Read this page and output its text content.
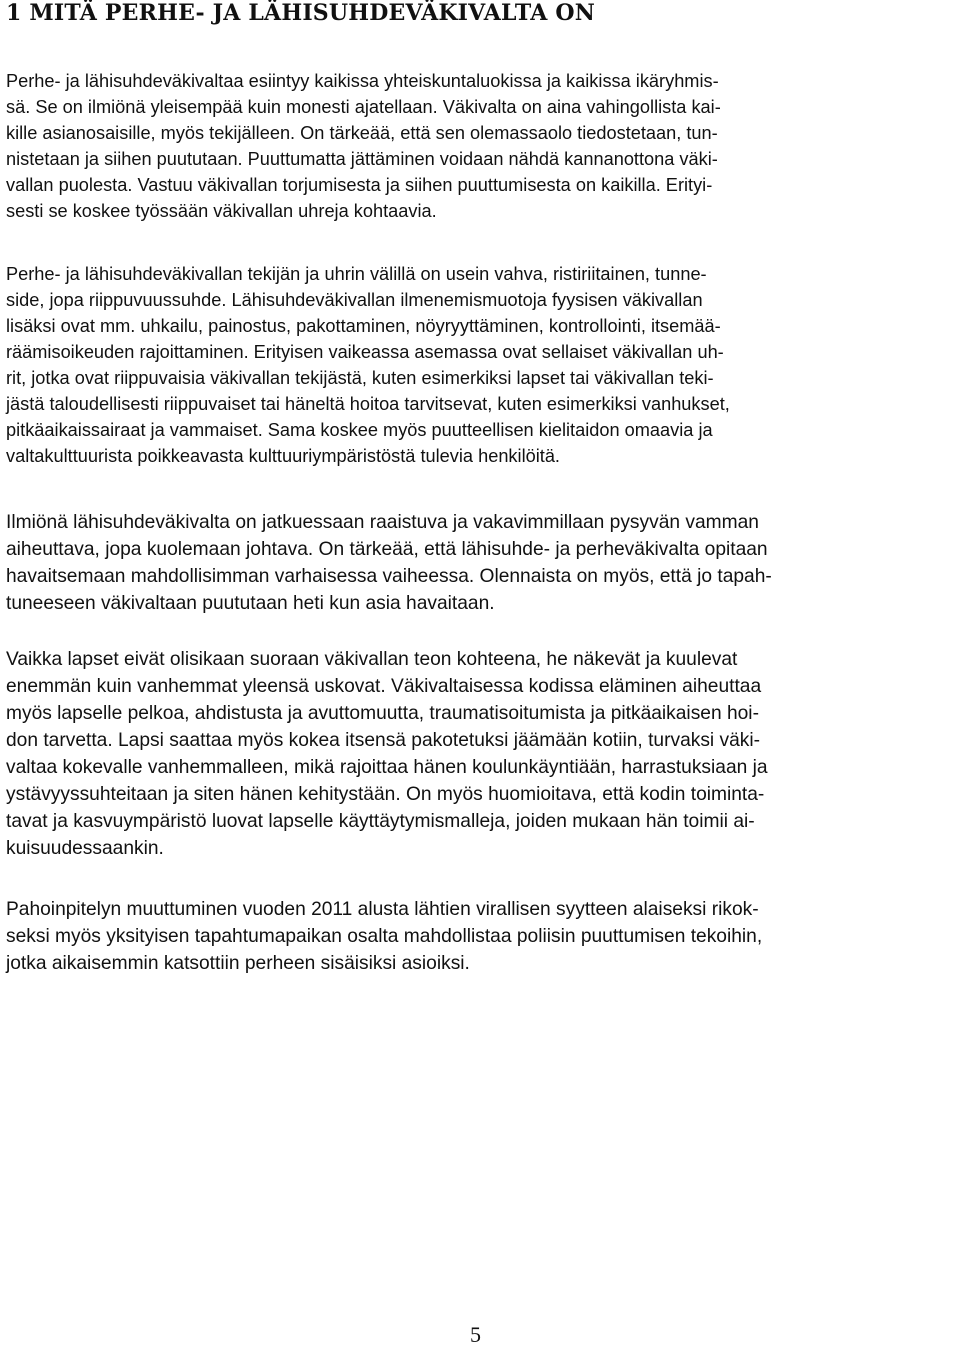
1 MITÄ PERHE- JA LÄHISUHDEVÄKIVALTA ON

Perhe- ja lähisuhdeväkivaltaa esiintyy kaikissa yhteiskuntaluokissa ja kaikissa ikäryhmis-
sä. Se on ilmiönä yleisempää kuin monesti ajatellaan. Väkivalta on aina vahingollista kai-
kille asianosaisille, myös tekijälleen. On tärkeää, että sen olemassaolo tiedostetaan, tun-
nistetaan ja siihen puututaan. Puuttumatta jättäminen voidaan nähdä kannanottona väki-
vallan puolesta. Vastuu väkivallan torjumisesta ja siihen puuttumisesta on kaikilla. Erityi-
sesti se koskee työssään väkivallan uhreja kohtaavia.

Perhe- ja lähisuhdeväkivallan tekijän ja uhrin välillä on usein vahva, ristiriitainen, tunne-
side, jopa riippuvuussuhde. Lähisuhdeväkivallan ilmenemismuotoja fyysisen väkivallan
lisäksi ovat mm. uhkailu, painostus, pakottaminen, nöyryyttäminen, kontrollointi, itsemää-
räämisoikeuden rajoittaminen. Erityisen vaikeassa asemassa ovat sellaiset väkivallan uh-
rit, jotka ovat riippuvaisia väkivallan tekijästä, kuten esimerkiksi lapset tai väkivallan teki-
jästä taloudellisesti riippuvaiset tai häneltä hoitoa tarvitsevat, kuten esimerkiksi vanhukset,
pitkäaikaissairaat ja vammaiset. Sama koskee myös puutteellisen kielitaidon omaavia ja
valtakulttuurista poikkeavasta kulttuuriympäristöstä tulevia henkilöitä.

Ilmiönä lähisuhdeväkivalta on jatkuessaan raaistuva ja vakavimmillaan pysyvän vamman
aiheuttava, jopa kuolemaan johtava. On tärkeää, että lähisuhde- ja perheväkivalta opitaan
havaitsemaan mahdollisimman varhaisessa vaiheessa. Olennaista on myös, että jo tapah-
tuneeseen väkivaltaan puututaan heti kun asia havaitaan.

Vaikka lapset eivät olisikaan suoraan väkivallan teon kohteena, he näkevät ja kuulevat
enemmän kuin vanhemmat yleensä uskovat. Väkivaltaisessa kodissa eläminen aiheuttaa
myös lapselle pelkoa, ahdistusta ja avuttomuutta, traumatisoitumista ja pitkäaikaisen hoi-
don tarvetta. Lapsi saattaa myös kokea itsensä pakotetuksi jäämään kotiin, turvaksi väki-
valtaa kokevalle vanhemmalleen, mikä rajoittaa hänen koulunkäyntiään, harrastuksiaan ja
ystävyyssuhteitaan ja siten hänen kehitystään. On myös huomioitava, että kodin toiminta-
tavat ja kasvuympäristö luovat lapselle käyttäytymismalleja, joiden mukaan hän toimii ai-
kuisuudessaankin.

Pahoinpitelyn muuttuminen vuoden 2011 alusta lähtien virallisen syytteen alaiseksi rikok-
seksi myös yksityisen tapahtumapaikan osalta mahdollistaa poliisin puuttumisen tekoihin,
jotka aikaisemmin katsottiin perheen sisäisiksi asioiksi.

5
